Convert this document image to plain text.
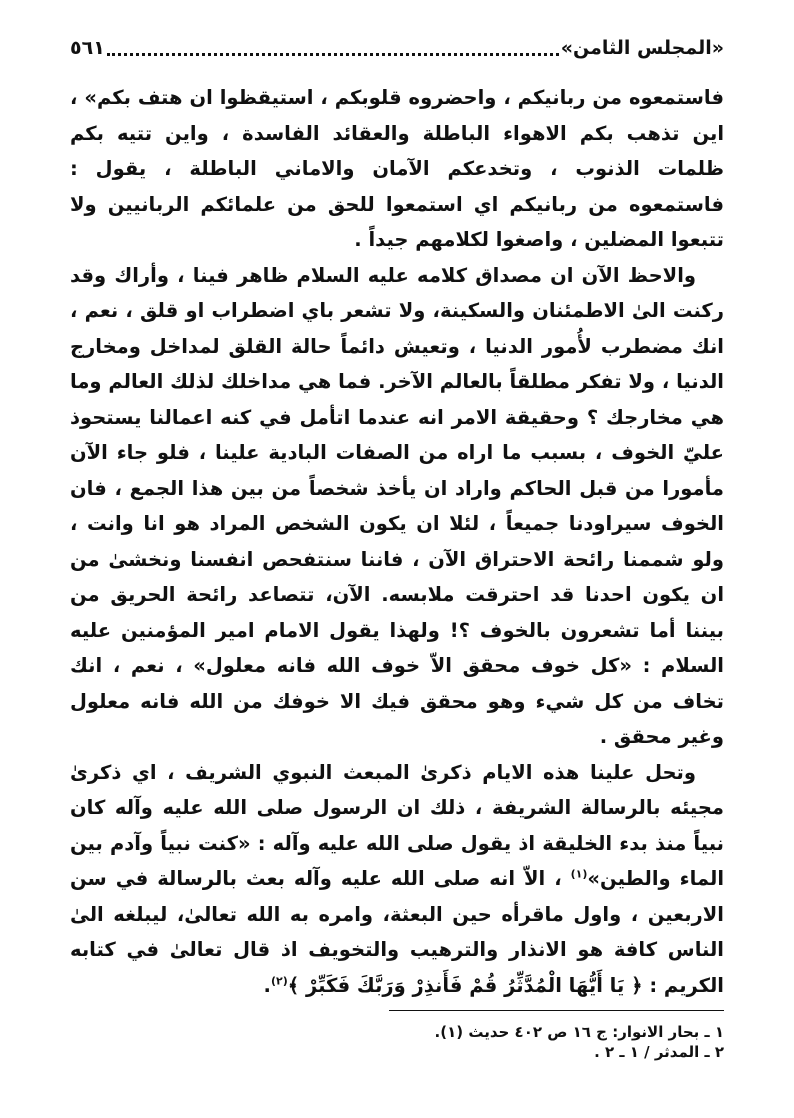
«المجلس الثامن»
٥٦١

فاستمعوه من ربانيكم ، واحضروه قلوبكم ، استيقظوا ان هتف بكم» ، اين تذهب بكم الاهواء الباطلة والعقائد الفاسدة ، واين تتيه بكم ظلمات الذنوب ، وتخدعكم الآمان والاماني الباطلة ، يقول : فاستمعوه من ربانيكم اي استمعوا للحق من علمائكم الربانيين ولا تتبعوا المضلين ، واصغوا لكلامهم جيداً .

والاحظ الآن ان مصداق كلامه عليه السلام ظاهر فينا ، وأراك وقد ركنت الىٰ الاطمئنان والسكينة، ولا تشعر باي اضطراب او قلق ، نعم ، انك مضطرب لأُمور الدنيا ، وتعيش دائماً حالة القلق لمداخل ومخارج الدنيا ، ولا تفكر مطلقاً بالعالم الآخر. فما هي مداخلك لذلك العالم وما هي مخارجك ؟ وحقيقة الامر انه عندما اتأمل في كنه اعمالنا يستحوذ عليّ الخوف ، بسبب ما اراه من الصفات البادية علينا ، فلو جاء الآن مأمورا من قبل الحاكم واراد ان يأخذ شخصاً من بين هذا الجمع ، فان الخوف سيراودنا جميعاً ، لئلا ان يكون الشخص المراد هو انا وانت ، ولو شممنا رائحة الاحتراق الآن ، فاننا سنتفحص انفسنا ونخشىٰ من ان يكون احدنا قد احترقت ملابسه. الآن، تتصاعد رائحة الحريق من بيننا أما تشعرون بالخوف ؟! ولهذا يقول الامام امير المؤمنين عليه السلام : «كل خوف محقق الاّ خوف الله فانه معلول» ، نعم ، انك تخاف من كل شيء وهو محقق فيك الا خوفك من الله فانه معلول وغير محقق .

وتحل علينا هذه الايام ذكرىٰ المبعث النبوي الشريف ، اي ذكرىٰ مجيئه بالرسالة الشريفة ، ذلك ان الرسول صلى الله عليه وآله كان نبياً منذ بدء الخليقة اذ يقول صلى الله عليه وآله : «كنت نبياً وآدم بين الماء والطين»$^{(١)}$ ، الاّ انه صلى الله عليه وآله بعث بالرسالة في سن الاربعين ، واول ماقرأه حين البعثة، وامره به الله تعالىٰ، ليبلغه الىٰ الناس كافة هو الانذار والترهيب والتخويف اذ قال تعالىٰ في كتابه الكريم : ﴿ يَا أَيُّهَا الْمُدَّثِّرُ قُمْ فَأَنذِرْ وَرَبَّكَ فَكَبِّرْ ﴾$^{(٢)}$.

١ ـ بحار الانوار: ج ١٦ ص ٤٠٢ حديث (١).

٢ ـ المدثر / ١ ـ ٢ .
